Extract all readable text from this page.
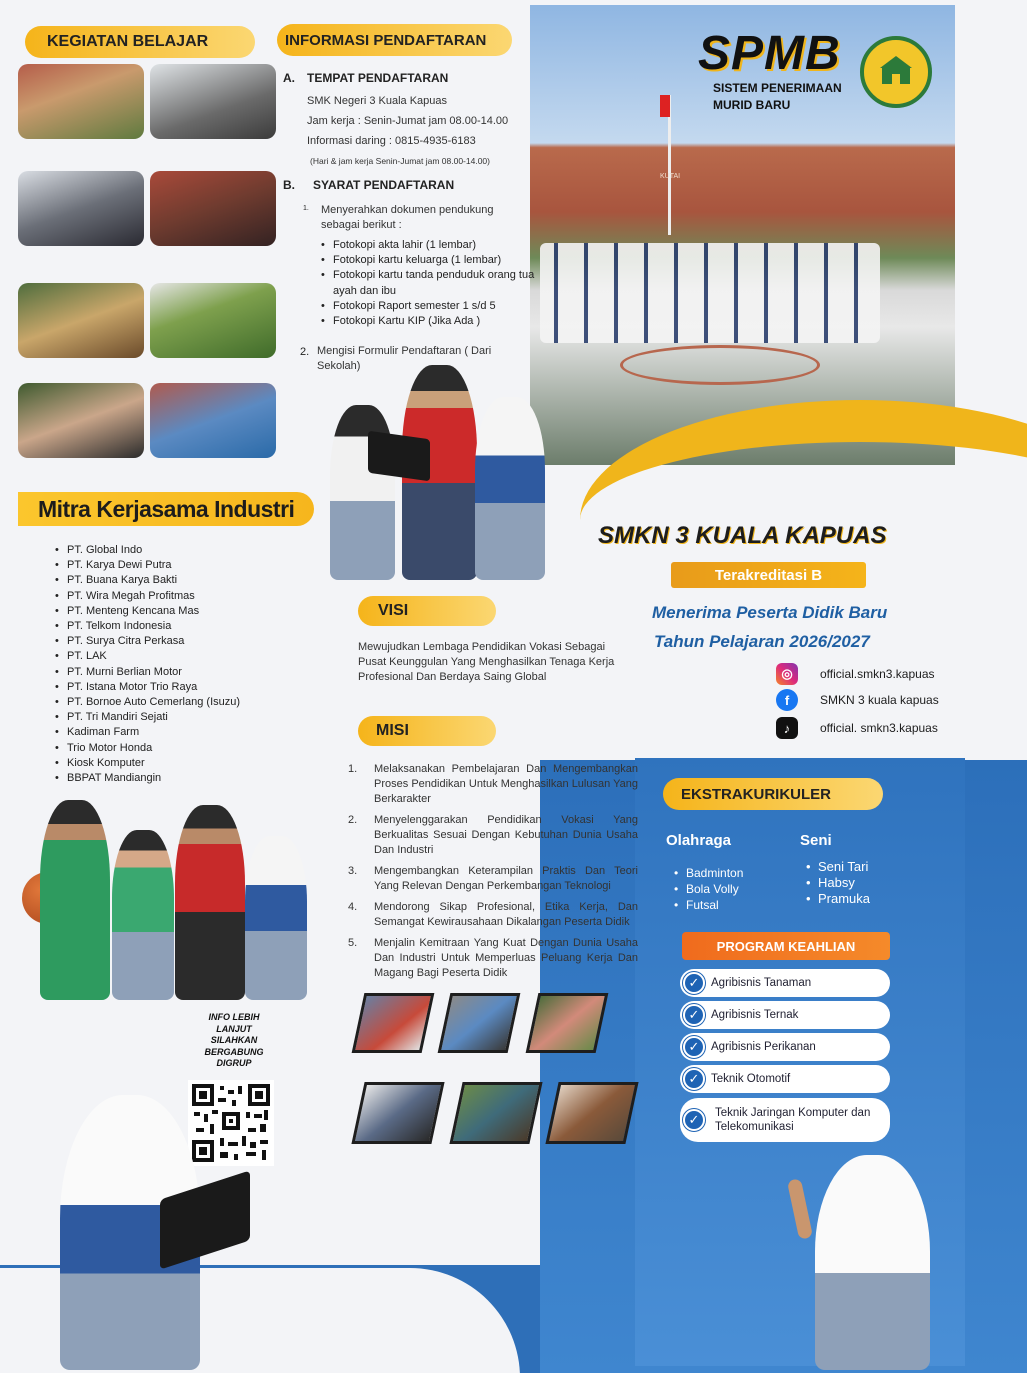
KUTAI
SPMB
SISTEM PENERIMAAN
MURID BARU
KEGIATAN BELAJAR	INFORMASI PENDAFTARAN
A. TEMPAT PENDAFTARAN
SMK Negeri 3 Kuala Kapuas
Jam kerja : Senin-Jumat jam 08.00-14.00
Informasi daring : 0815-4935-6183
(Hari & jam kerja Senin-Jumat jam 08.00-14.00)
B. SYARAT PENDAFTARAN
1. Menyerahkan dokumen pendukung sebagai berikut :
• Fotokopi akta lahir (1 lembar)
• Fotokopi kartu keluarga (1 lembar)
• Fotokopi kartu tanda penduduk orang tua ayah dan ibu
• Fotokopi Raport semester 1 s/d 5
• Fotokopi Kartu KIP (Jika Ada )
2. Mengisi Formulir Pendaftaran ( Dari Sekolah)
SMKN 3 KUALA KAPUAS
Terakreditasi B
Menerima Peserta Didik Baru
Tahun Pelajaran 2026/2027
◎	official.smkn3.kapuas
f	SMKN 3 kuala kapuas
♪	official. smkn3.kapuas
Mitra Kerjasama Industri
• PT. Global Indo
• PT. Karya Dewi Putra
• PT. Buana Karya Bakti
• PT. Wira Megah Profitmas
• PT. Menteng Kencana Mas
• PT. Telkom Indonesia
• PT. Surya Citra Perkasa
• PT. LAK
• PT. Murni Berlian Motor
• PT. Istana Motor Trio Raya
• PT. Bornoe Auto Cemerlang (Isuzu)
• PT. Tri Mandiri Sejati
• Kadiman Farm
• Trio Motor Honda
• Kiosk Komputer
• BBPAT Mandiangin
INFO LEBIH
LANJUT
SILAHKAN
BERGABUNG
DIGRUP
VISI
Mewujudkan Lembaga Pendidikan Vokasi Sebagai Pusat Keunggulan Yang Menghasilkan Tenaga Kerja Profesional Dan Berdaya Saing Global
MISI
1. Melaksanakan Pembelajaran Dan Mengembangkan Proses Pendidikan Untuk Menghasilkan Lulusan Yang Berkarakter
2. Menyelenggarakan Pendidikan Vokasi Yang Berkualitas Sesuai Dengan Kebutuhan Dunia Usaha Dan Industri
3. Mengembangkan Keterampilan Praktis Dan Teori Yang Relevan Dengan Perkembangan Teknologi
4. Mendorong Sikap Profesional, Etika Kerja, Dan Semangat Kewirausahaan Dikalangan Peserta Didik
5. Menjalin Kemitraan Yang Kuat Dengan Dunia Usaha Dan Industri Untuk Memperluas Peluang Kerja Dan Magang Bagi Peserta Didik
EKSTRAKURIKULER
Olahraga
• Badminton
• Bola Volly
• Futsal
Seni
• Seni Tari
• Habsy
• Pramuka
PROGRAM KEAHLIAN
✓	Agribisnis Tanaman
✓	Agribisnis Ternak
✓	Agribisnis Perikanan
✓	Teknik Otomotif
✓	Teknik Jaringan Komputer dan Telekomunikasi
